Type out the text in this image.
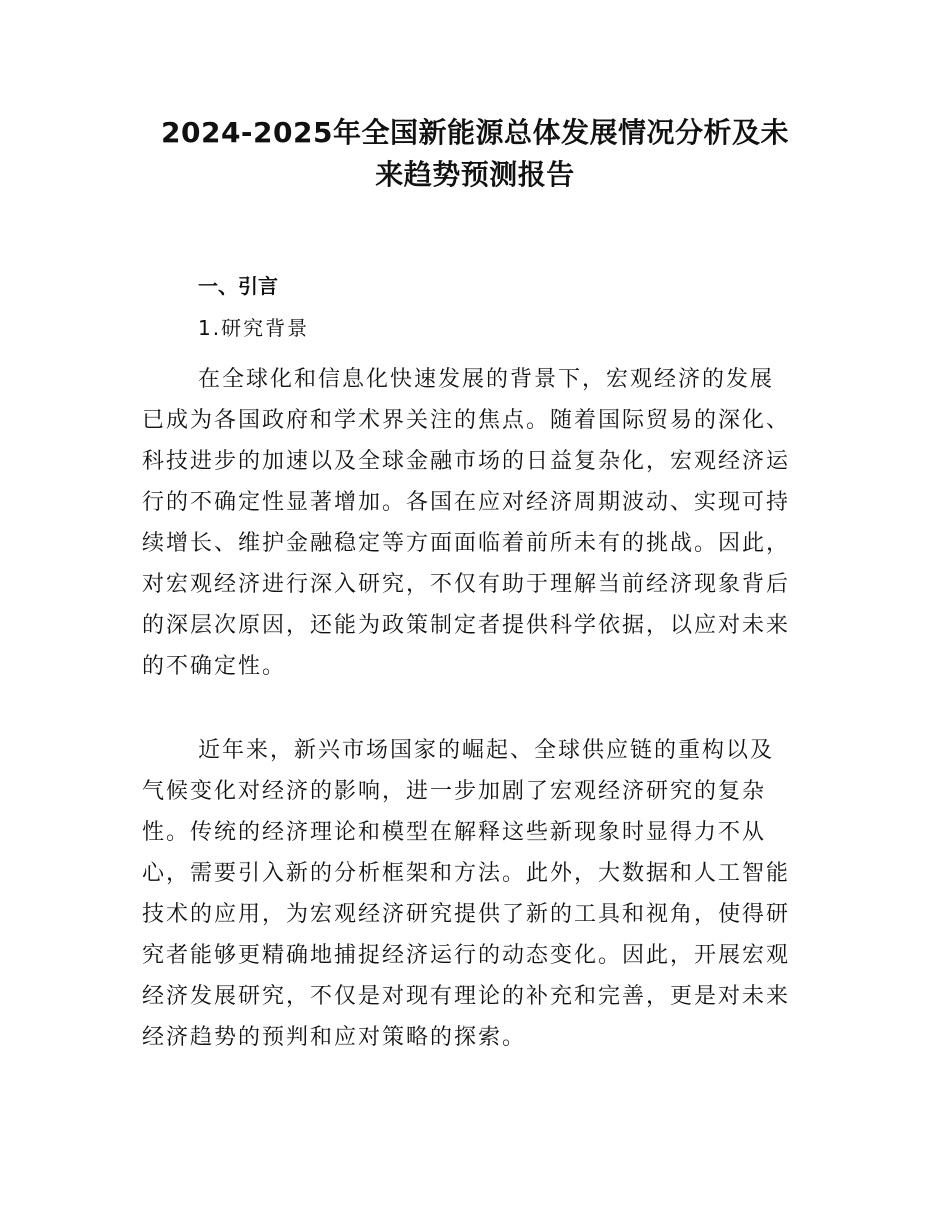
2024-2025年全国新能源总体发展情况分析及未
来趋势预测报告
一、引言
1.研究背景
在全球化和信息化快速发展的背景下，宏观经济的发展
已成为各国政府和学术界关注的焦点。随着国际贸易的深化、
科技进步的加速以及全球金融市场的日益复杂化，宏观经济运
行的不确定性显著增加。各国在应对经济周期波动、实现可持
续增长、维护金融稳定等方面面临着前所未有的挑战。因此，
对宏观经济进行深入研究，不仅有助于理解当前经济现象背后
的深层次原因，还能为政策制定者提供科学依据，以应对未来
的不确定性。
近年来，新兴市场国家的崛起、全球供应链的重构以及
气候变化对经济的影响，进一步加剧了宏观经济研究的复杂
性。传统的经济理论和模型在解释这些新现象时显得力不从
心，需要引入新的分析框架和方法。此外，大数据和人工智能
技术的应用，为宏观经济研究提供了新的工具和视角，使得研
究者能够更精确地捕捉经济运行的动态变化。因此，开展宏观
经济发展研究，不仅是对现有理论的补充和完善，更是对未来
经济趋势的预判和应对策略的探索。
